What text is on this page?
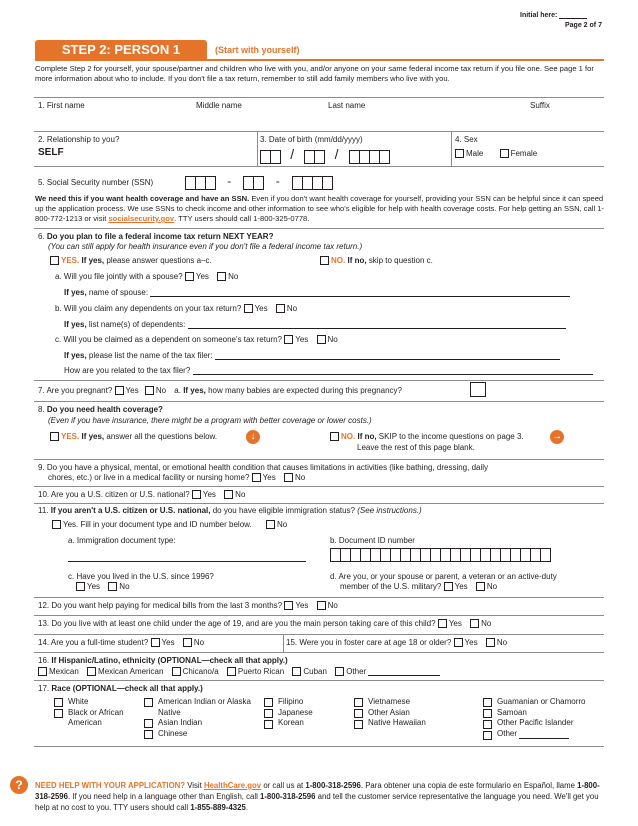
Initial here:
Page 2 of 7
STEP 2: PERSON 1	(Start with yourself)
Complete Step 2 for yourself, your spouse/partner and children who live with you, and/or anyone on your same federal income tax return if you file one. See page 1 for more information about who to include. If you don't file a tax return, remember to still add family members who live with you.
1. First name	Middle name	Last name	Suffix
2. Relationship to you?
SELF
3. Date of birth (mm/dd/yyyy)
/	/
4. Sex
Male	Female
5. Social Security number (SSN)	-	-
We need this if you want health coverage and have an SSN. Even if you don't want health coverage for yourself, providing your SSN can be helpful since it can speed up the application process. We use SSNs to check income and other information to see who's eligible for help with health coverage costs. For help getting an SSN, call 1-800-772-1213 or visit socialsecurity.gov. TTY users should call 1-800-325-0778.
6. Do you plan to file a federal income tax return NEXT YEAR?
(You can still apply for health insurance even if you don't file a federal income tax return.)
YES. If yes, please answer questions a–c.	NO. If no, skip to question c.
a. Will you file jointly with a spouse? Yes No
If yes, name of spouse:
b. Will you claim any dependents on your tax return? Yes No
If yes, list name(s) of dependents:
c. Will you be claimed as a dependent on someone's tax return? Yes No
If yes, please list the name of the tax filer:
How are you related to the tax filer?
7. Are you pregnant? Yes No a. If yes, how many babies are expected during this pregnancy?
8. Do you need health coverage?
(Even if you have insurance, there might be a program with better coverage or lower costs.)
YES. If yes, answer all the questions below.	↓	NO. If no, SKIP to the income questions on page 3.
Leave the rest of this page blank.
→
9. Do you have a physical, mental, or emotional health condition that causes limitations in activities (like bathing, dressing, daily
chores, etc.) or live in a medical facility or nursing home? Yes No
10. Are you a U.S. citizen or U.S. national? Yes No
11. If you aren't a U.S. citizen or U.S. national, do you have eligible immigration status? (See instructions.)
Yes. Fill in your document type and ID number below.	No
a. Immigration document type:	b. Document ID number
c. Have you lived in the U.S. since 1996?
Yes No
d. Are you, or your spouse or parent, a veteran or an active-duty
member of the U.S. military? Yes No
12. Do you want help paying for medical bills from the last 3 months? Yes No
13. Do you live with at least one child under the age of 19, and are you the main person taking care of this child? Yes No
14. Are you a full-time student? Yes No	15. Were you in foster care at age 18 or older? Yes No
16. If Hispanic/Latino, ethnicity (OPTIONAL—check all that apply.)
Mexican Mexican American Chicano/a Puerto Rican Cuban Other
17. Race (OPTIONAL—check all that apply.)
White
Black or African American
American Indian or Alaska Native
Asian Indian
Chinese
Filipino
Japanese
Korean
Vietnamese
Other Asian
Native Hawaiian
Guamanian or Chamorro
Samoan
Other Pacific Islander
Other
?	NEED HELP WITH YOUR APPLICATION? Visit HealthCare.gov or call us at 1-800-318-2596. Para obtener una copia de este formulario en Español, llame 1-800-318-2596. If you need help in a language other than English, call 1-800-318-2596 and tell the customer service representative the language you need. We'll get you help at no cost to you. TTY users should call 1-855-889-4325.
